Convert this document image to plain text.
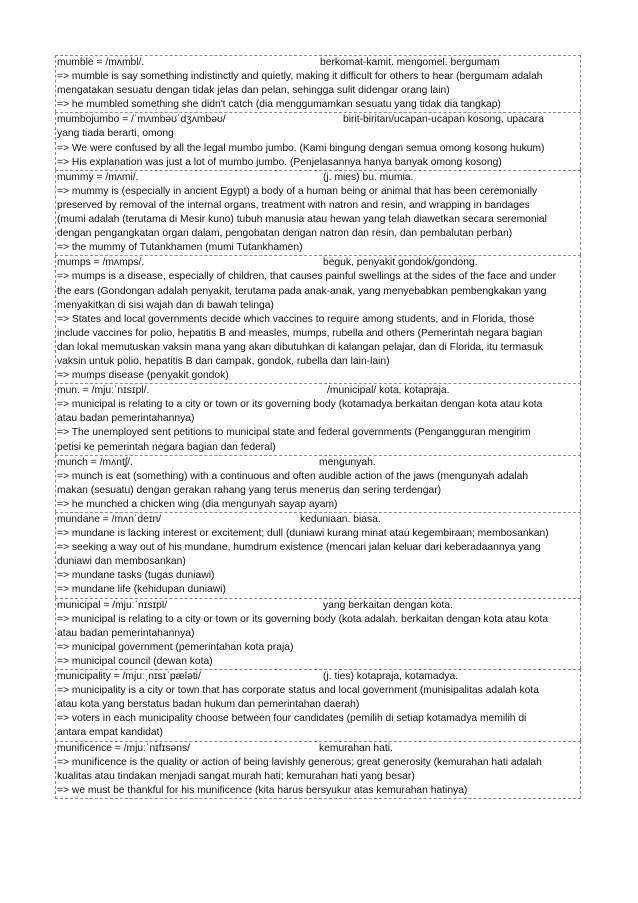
mumble = /mʌmbl/.	berkomat-kamit. mengomel. bergumam
=> mumble is say something indistinctly and quietly, making it difficult for others to hear (bergumam adalah
mengatakan sesuatu dengan tidak jelas dan pelan, sehingga sulit didengar orang lain)
=> he mumbled something she didn't catch (dia menggumamkan sesuatu yang tidak dia tangkap)
mumbojumbo = /ˈmʌmbəʊˈdʒʌmbəʊ/	birit-biritan/ucapan-ucapan kosong, upacara
yang tiada berarti, omong
=> We were confused by all the legal mumbo jumbo. (Kami bingung dengan semua omong kosong hukum)
=> His explanation was just a lot of mumbo jumbo. (Penjelasannya hanya banyak omong kosong)
mummy = /mʌmi/.	(j. mies) bu. mumia.
=> mummy is (especially in ancient Egypt) a body of a human being or animal that has been ceremonially
preserved by removal of the internal organs, treatment with natron and resin, and wrapping in bandages
(mumi adalah (terutama di Mesir kuno) tubuh manusia atau hewan yang telah diawetkan secara seremonial
dengan pengangkatan organ dalam, pengobatan dengan natron dan resin, dan pembalutan perban)
=> the mummy of Tutankhamen (mumi Tutankhamen)
mumps = /mʌmps/.	beguk, penyakit gondok/gondong.
=> mumps is a disease, especially of children, that causes painful swellings at the sides of the face and under
the ears (Gondongan adalah penyakit, terutama pada anak-anak, yang menyebabkan pembengkakan yang
menyakitkan di sisi wajah dan di bawah telinga)
=> States and local governments decide which vaccines to require among students, and in Florida, those
include vaccines for polio, hepatitis B and measles, mumps, rubella and others (Pemerintah negara bagian
dan lokal memutuskan vaksin mana yang akan dibutuhkan di kalangan pelajar, dan di Florida, itu termasuk
vaksin untuk polio, hepatitis B dan campak, gondok, rubella dan lain-lain)
=> mumps disease (penyakit gondok)
mun. = /mjuːˈnɪsɪpl/.	/municipal/ kota, kotapraja.
=> municipal is relating to a city or town or its governing body (kotamadya berkaitan dengan kota atau kota
atau badan pemerintahannya)
=> The unemployed sent petitions to municipal state and federal governments (Pengangguran mengirim
petisi ke pemerintah negara bagian dan federal)
munch = /mʌntʃ/.	mengunyah.
=> munch is eat (something) with a continuous and often audible action of the jaws (mengunyah adalah
makan (sesuatu) dengan gerakan rahang yang terus menerus dan sering terdengar)
=> he munched a chicken wing (dia mengunyah sayap ayam)
mundane = /mʌnˈdeɪn/	keduniaan. biasa.
=> mundane is lacking interest or excitement; dull (duniawi kurang minat atau kegembiraan; membosankan)
=> seeking a way out of his mundane, humdrum existence (mencari jalan keluar dari keberadaannya yang
duniawi dan membosankan)
=> mundane tasks (tugas duniawi)
=> mundane life (kehidupan duniawi)
municipal = /mjuːˈnɪsɪpl/	yang berkaitan dengan kota.
=> municipal is relating to a city or town or its governing body (kota adalah. berkaitan dengan kota atau kota
atau badan pemerintahannya)
=> municipal government (pemerintahan kota praja)
=> municipal council (dewan kota)
municipality = /mjuːˌnɪsɪˈpæləti/	(j. ties) kotapraja, kotamadya.
=> municipality is a city or town that has corporate status and local government (munisipalitas adalah kota
atau kota yang berstatus badan hukum dan pemerintahan daerah)
=> voters in each municipality choose between four candidates (pemilih di setiap kotamadya memilih di
antara empat kandidat)
munificence = /mjuːˈnɪfɪsəns/	kemurahan hati.
=> munificence is the quality or action of being lavishly generous; great generosity (kemurahan hati adalah
kualitas atau tindakan menjadi sangat murah hati; kemurahan hati yang besar)
=> we must be thankful for his munificence (kita harus bersyukur atas kemurahan hatinya)
